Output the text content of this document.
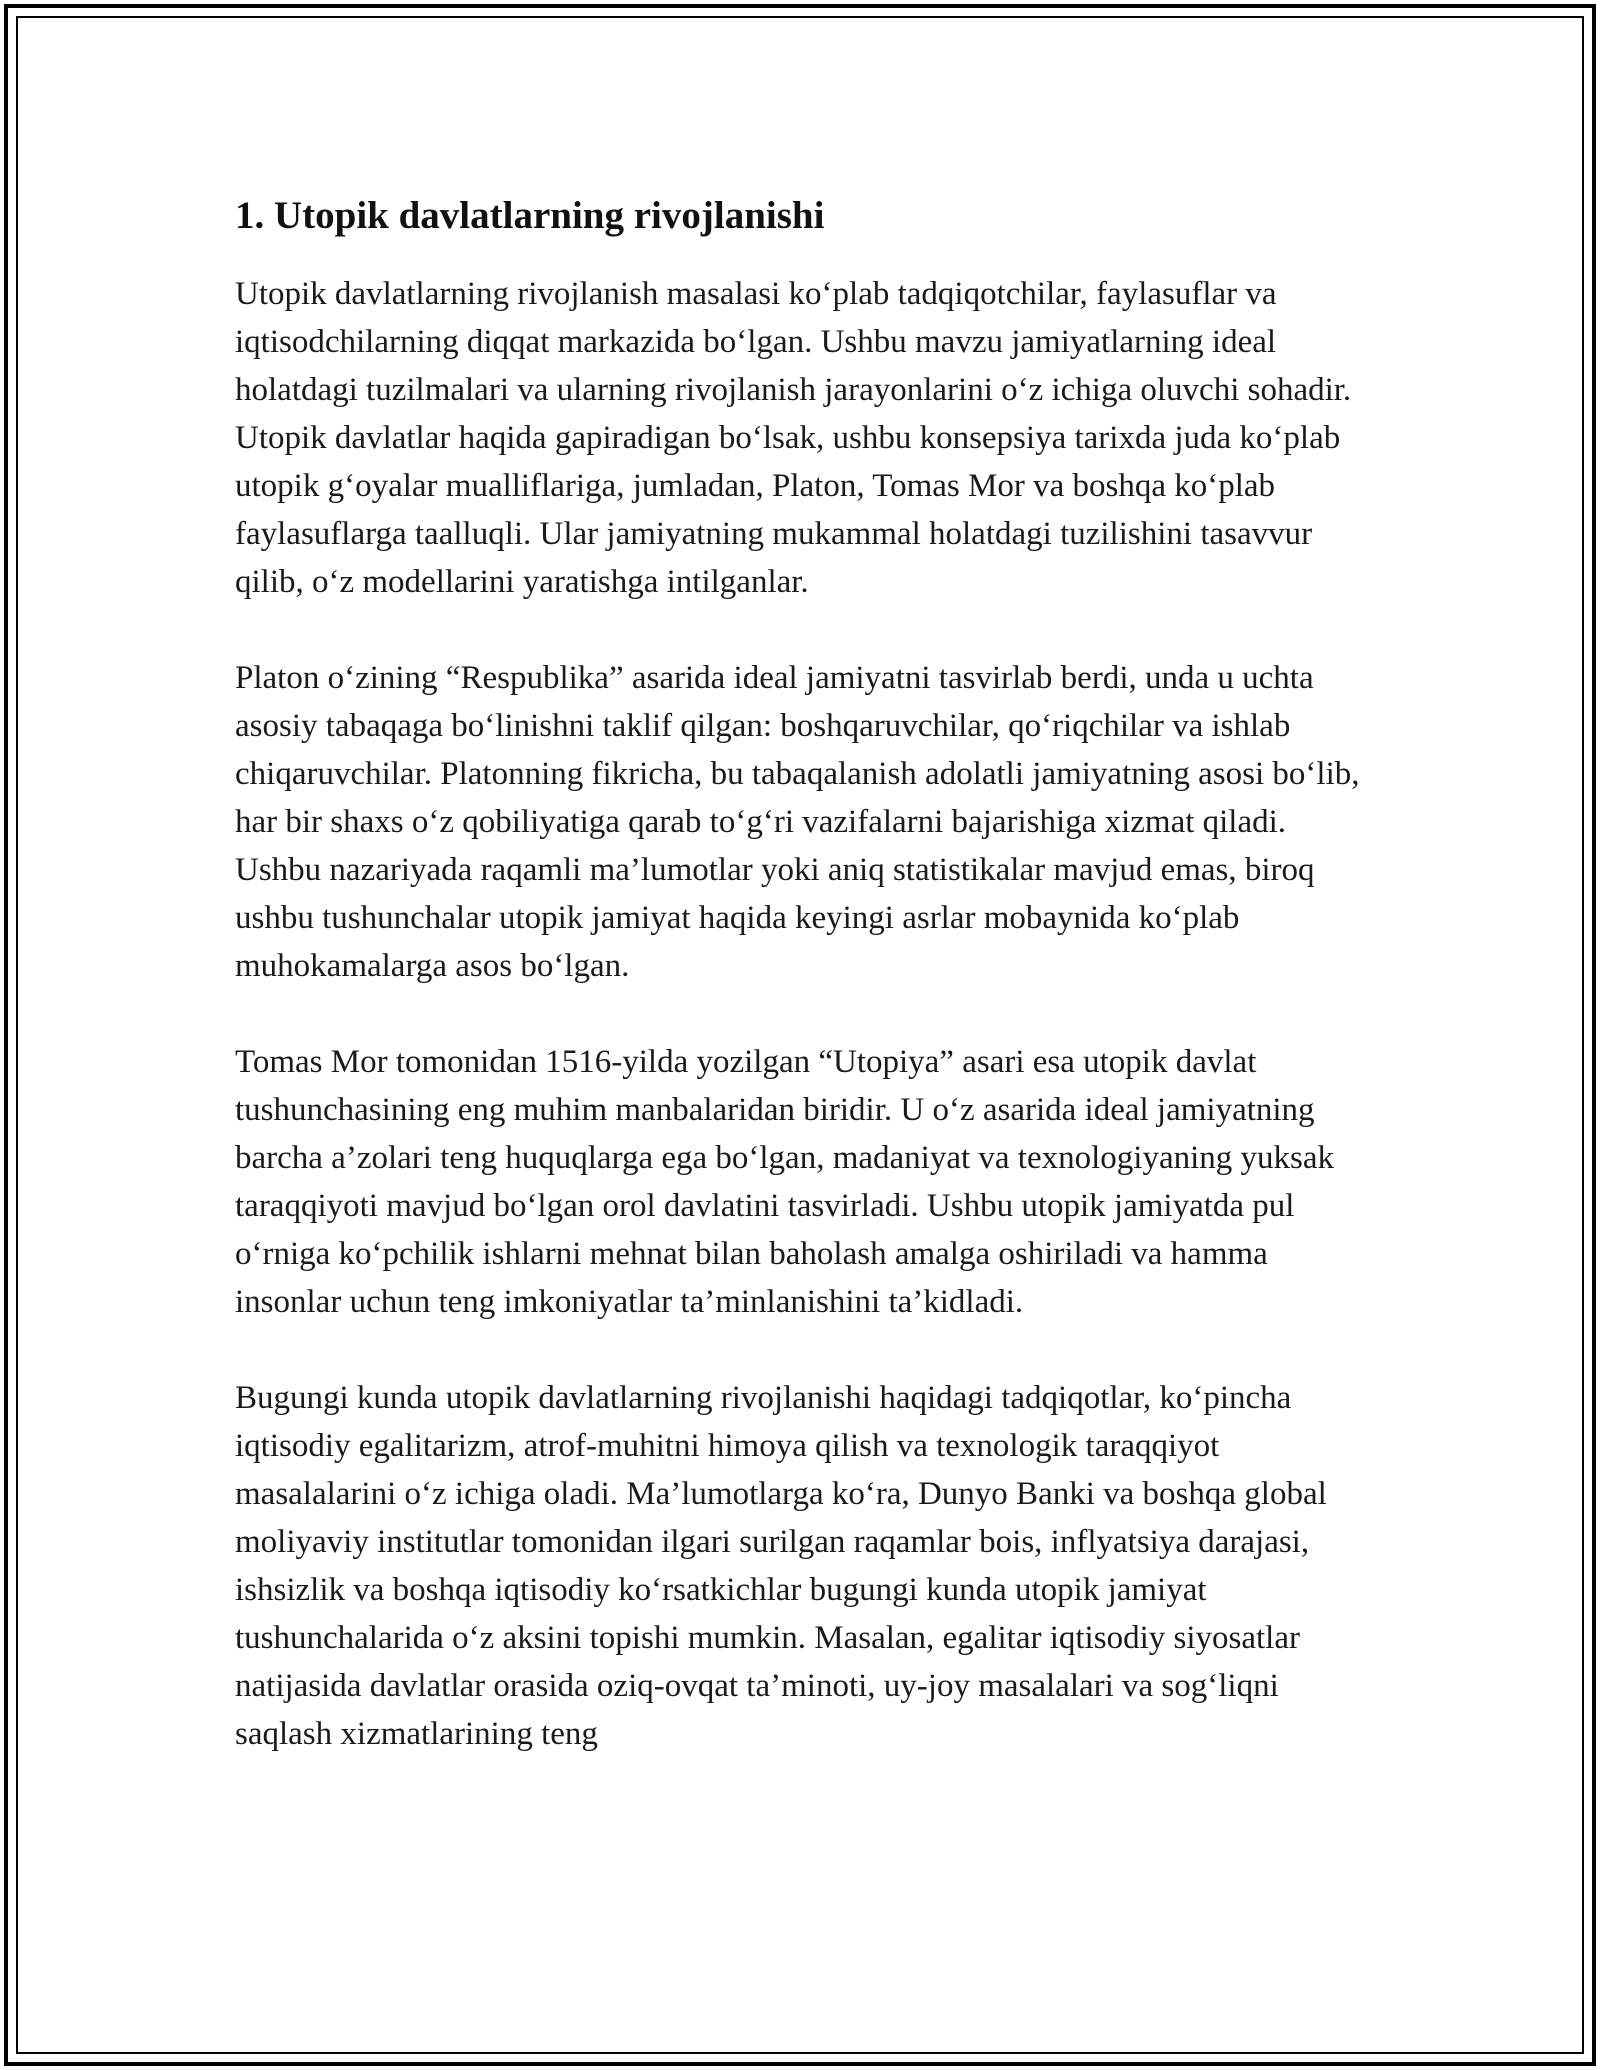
1. Utopik davlatlarning rivojlanishi

Utopik davlatlarning rivojlanish masalasi ko‘plab tadqiqotchilar, faylasuflar va iqtisodchilarning diqqat markazida bo‘lgan. Ushbu mavzu jamiyatlarning ideal holatdagi tuzilmalari va ularning rivojlanish jarayonlarini o‘z ichiga oluvchi sohadir. Utopik davlatlar haqida gapiradigan bo‘lsak, ushbu konsepsiya tarixda juda ko‘plab utopik g‘oyalar mualliflariga, jumladan, Platon, Tomas Mor va boshqa ko‘plab faylasuflarga taalluqli. Ular jamiyatning mukammal holatdagi tuzilishini tasavvur qilib, o‘z modellarini yaratishga intilganlar.

Platon o‘zining “Respublika” asarida ideal jamiyatni tasvirlab berdi, unda u uchta asosiy tabaqaga bo‘linishni taklif qilgan: boshqaruvchilar, qo‘riqchilar va ishlab chiqaruvchilar. Platonning fikricha, bu tabaqalanish adolatli jamiyatning asosi bo‘lib, har bir shaxs o‘z qobiliyatiga qarab to‘g‘ri vazifalarni bajarishiga xizmat qiladi. Ushbu nazariyada raqamli ma’lumotlar yoki aniq statistikalar mavjud emas, biroq ushbu tushunchalar utopik jamiyat haqida keyingi asrlar mobaynida ko‘plab muhokamalarga asos bo‘lgan.

Tomas Mor tomonidan 1516-yilda yozilgan “Utopiya” asari esa utopik davlat tushunchasining eng muhim manbalaridan biridir. U o‘z asarida ideal jamiyatning barcha a’zolari teng huquqlarga ega bo‘lgan, madaniyat va texnologiyaning yuksak taraqqiyoti mavjud bo‘lgan orol davlatini tasvirladi. Ushbu utopik jamiyatda pul o‘rniga ko‘pchilik ishlarni mehnat bilan baholash amalga oshiriladi va hamma insonlar uchun teng imkoniyatlar ta’minlanishini ta’kidladi.

Bugungi kunda utopik davlatlarning rivojlanishi haqidagi tadqiqotlar, ko‘pincha iqtisodiy egalitarizm, atrof-muhitni himoya qilish va texnologik taraqqiyot masalalarini o‘z ichiga oladi. Ma’lumotlarga ko‘ra, Dunyo Banki va boshqa global moliyaviy institutlar tomonidan ilgari surilgan raqamlar bois, inflyatsiya darajasi, ishsizlik va boshqa iqtisodiy ko‘rsatkichlar bugungi kunda utopik jamiyat tushunchalarida o‘z aksini topishi mumkin. Masalan, egalitar iqtisodiy siyosatlar natijasida davlatlar orasida oziq-ovqat ta’minoti, uy-joy masalalari va sog‘liqni saqlash xizmatlarining teng
